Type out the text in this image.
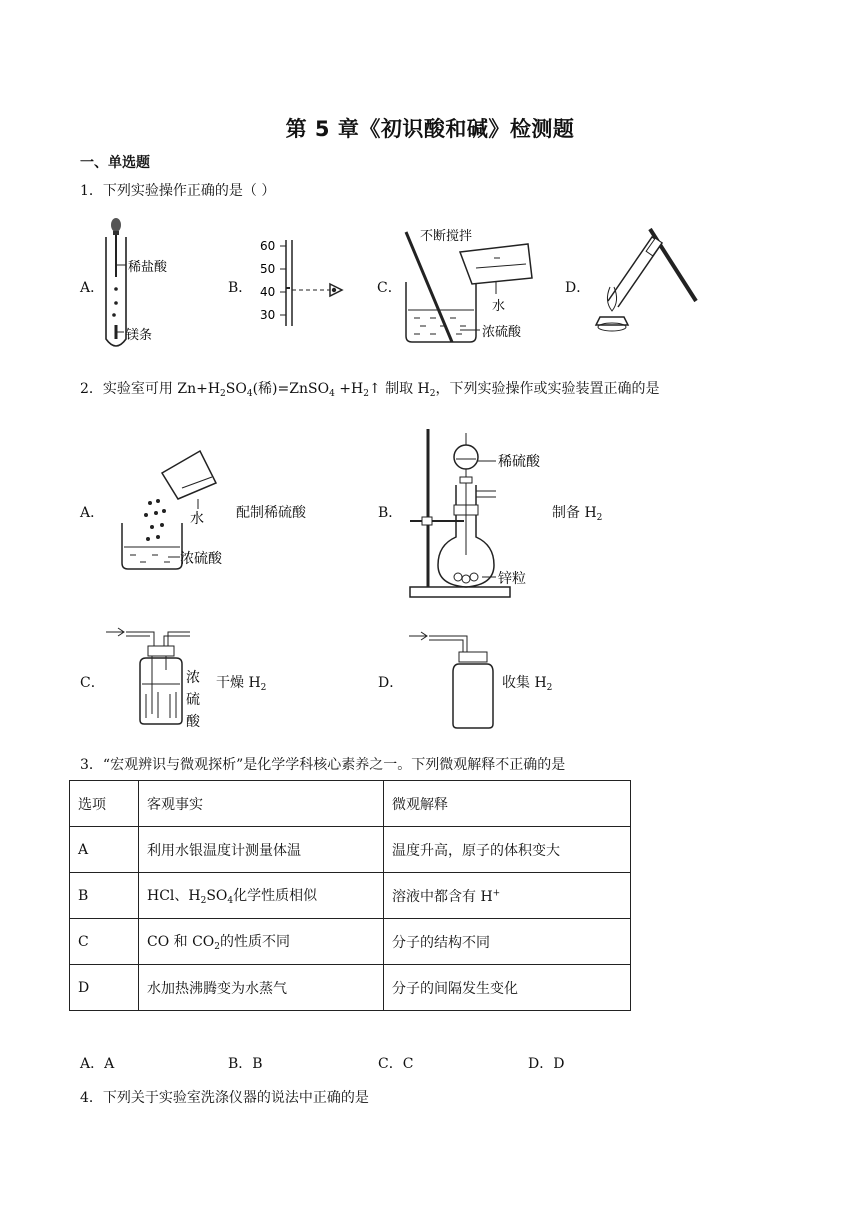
第 5 章《初识酸和碱》检测题
一、单选题
1．下列实验操作正确的是（ ）
A．
稀盐酸
镁条
B．
60
50
40
30
C．
不断搅拌
水
浓硫酸
D．
2．实验室可用 $Zn+H_2SO_4$(稀)=ZnSO$_4$ $+H_2↑$ 制取 $H_2$，下列实验操作或实验装置正确的是
A．	水
浓硫酸
配制稀硫酸	B．
稀硫酸
锌粒
制备 $H_2$
C．	浓
硫
酸
干燥 $H_2$	D．	收集 $H_2$
3．“宏观辨识与微观探析”是化学学科核心素养之一。下列微观解释不正确的是
选项	客观事实	微观解释
A	利用水银温度计测量体温	温度升高，原子的体积变大
B	HCl、$H_2SO_4$化学性质相似	溶液中都含有 H+
C	CO 和 $CO_2$的性质不同	分子的结构不同
D	水加热沸腾变为水蒸气	分子的间隔发生变化
A．A	B．B	C．C	D．D
4．下列关于实验室洗涤仪器的说法中正确的是
